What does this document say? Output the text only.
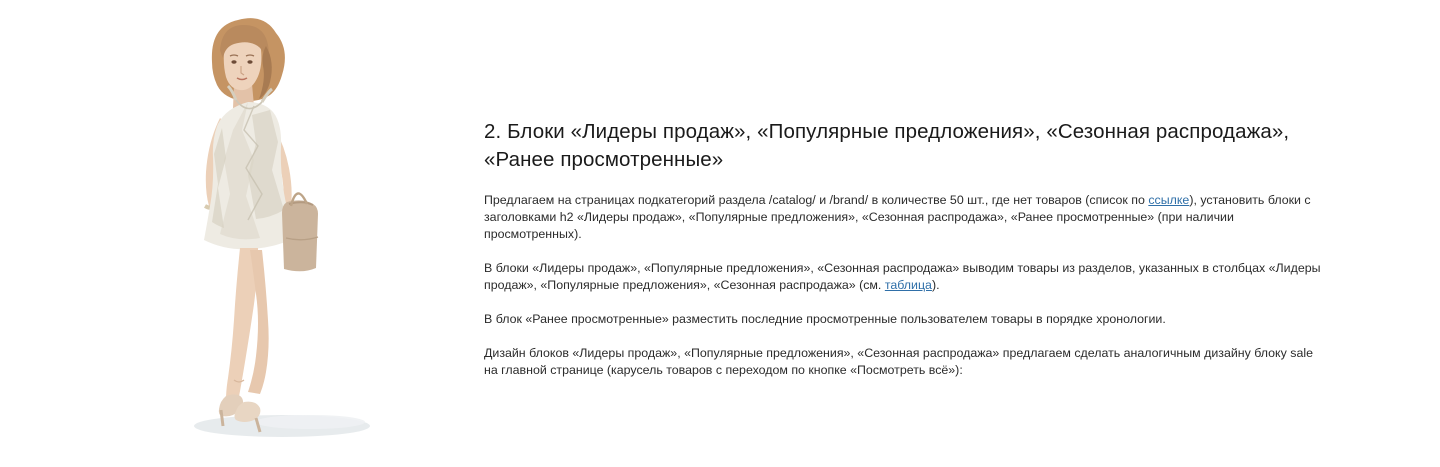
2. Блоки «Лидеры продаж», «Популярные предложения», «Сезонная распродажа», «Ранее просмотренные»

Предлагаем на страницах подкатегорий раздела /catalog/ и /brand/ в количестве 50 шт., где нет товаров (список по ссылке), установить блоки с заголовками h2 «Лидеры продаж», «Популярные предложения», «Сезонная распродажа», «Ранее просмотренные» (при наличии просмотренных).

В блоки «Лидеры продаж», «Популярные предложения», «Сезонная распродажа» выводим товары из разделов, указанных в столбцах «Лидеры продаж», «Популярные предложения», «Сезонная распродажа» (см. таблица).

В блок «Ранее просмотренные» разместить последние просмотренные пользователем товары в порядке хронологии.

Дизайн блоков «Лидеры продаж», «Популярные предложения», «Сезонная распродажа» предлагаем сделать аналогичным дизайну блоку sale на главной странице (карусель товаров с переходом по кнопке «Посмотреть всё»):
